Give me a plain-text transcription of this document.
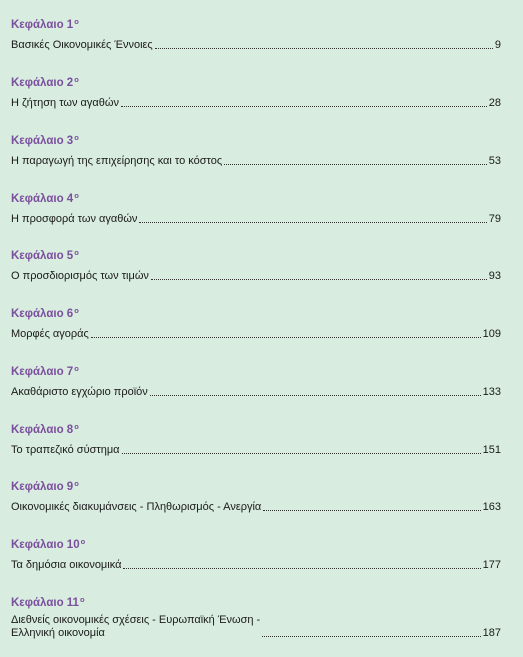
Κεφάλαιο $1^o$
Βασικές Οικονομικές Έννοιες	9
Κεφάλαιο $2^o$
Η ζήτηση των αγαθών	28
Κεφάλαιο $3^o$
Η παραγωγή της επιχείρησης και το κόστος	53
Κεφάλαιο $4^o$
Η προσφορά των αγαθών	79
Κεφάλαιο $5^o$
Ο προσδιορισμός των τιμών	93
Κεφάλαιο $6^o$
Μορφές αγοράς	109
Κεφάλαιο $7^o$
Ακαθάριστο εγχώριο προϊόν	133
Κεφάλαιο $8^o$
Το τραπεζικό σύστημα	151
Κεφάλαιο $9^o$
Οικονομικές διακυμάνσεις - Πληθωρισμός - Ανεργία	163
Κεφάλαιο $10^o$
Τα δημόσια οικονομικά	177
Κεφάλαιο $11^o$
Διεθνείς οικονομικές σχέσεις - Ευρωπαϊκή Ένωση -
Ελληνική οικονομία	187
